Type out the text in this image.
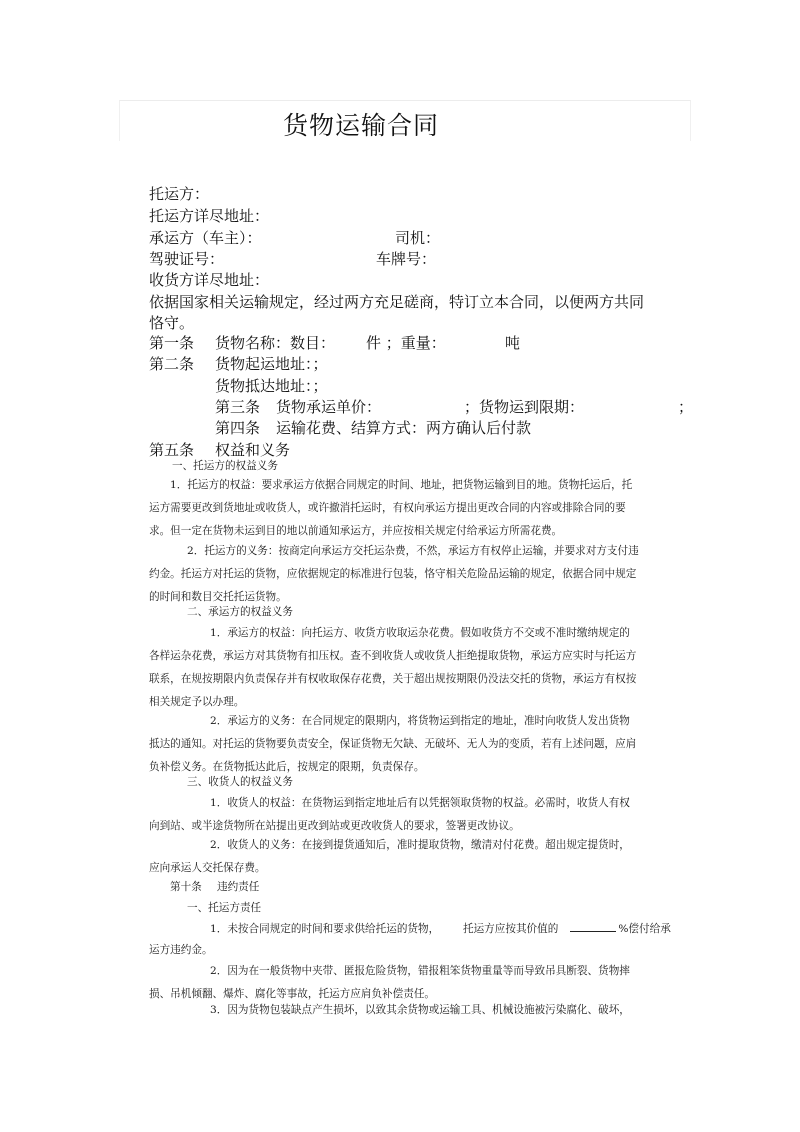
货物运输合同
托运方：
托运方详尽地址：
承运方（车主）：	司机：
驾驶证号：	车牌号：
收货方详尽地址：
依据国家相关运输规定，经过两方充足磋商，特订立本合同，以便两方共同
恪守。
第一条 货物名称：数目： 件 ；重量：	吨
第二条 货物起运地址：；
货物抵达地址：；
第三条 货物承运单价：	；货物运到限期：	；
第四条 运输花费、结算方式：两方确认后付款
第五条 权益和义务
一、托运方的权益义务
1．托运方的权益：要求承运方依据合同规定的时间、地址，把货物运输到目的地。货物托运后，托运方需要更改到货地址或收货人，或许撤消托运时，有权向承运方提出更改合同的内容或排除合同的要求。但一定在货物未运到目的地以前通知承运方，并应按相关规定付给承运方所需花费。
2．托运方的义务：按商定向承运方交托运杂费，不然，承运方有权停止运输，并要求对方支付违约金。托运方对托运的货物，应依据规定的标准进行包装，恪守相关危险品运输的规定，依据合同中规定的时间和数目交托托运货物。
二、承运方的权益义务
1．承运方的权益：向托运方、收货方收取运杂花费。假如收货方不交或不准时缴纳规定的各样运杂花费，承运方对其货物有扣压权。查不到收货人或收货人拒绝提取货物，承运方应实时与托运方联系，在规按期限内负责保存并有权收取保存花费，关于超出规按期限仍没法交托的货物，承运方有权按相关规定予以办理。
2．承运方的义务：在合同规定的限期内，将货物运到指定的地址，准时向收货人发出货物抵达的通知。对托运的货物要负责安全，保证货物无欠缺、无破坏、无人为的变质，若有上述问题，应肩负补偿义务。在货物抵达此后，按规定的限期，负责保存。
三、收货人的权益义务
1．收货人的权益：在货物运到指定地址后有以凭据领取货物的权益。必需时，收货人有权向到站、或半途货物所在站提出更改到站或更改收货人的要求，签署更改协议。
2．收货人的义务：在接到提货通知后，准时提取货物，缴清对付花费。超出规定提货时，应向承运人交托保存费。
第十条 违约责任
一、托运方责任
1．未按合同规定的时间和要求供给托运的货物， 托运方应按其价值的	%偿付给承
运方违约金。
2．因为在一般货物中夹带、匿报危险货物，错报粗笨货物重量等而导致吊具断裂、货物摔损、吊机倾翻、爆炸、腐化等事故，托运方应肩负补偿责任。
3．因为货物包装缺点产生损坏，以致其余货物或运输工具、机械设施被污染腐化、破坏，
